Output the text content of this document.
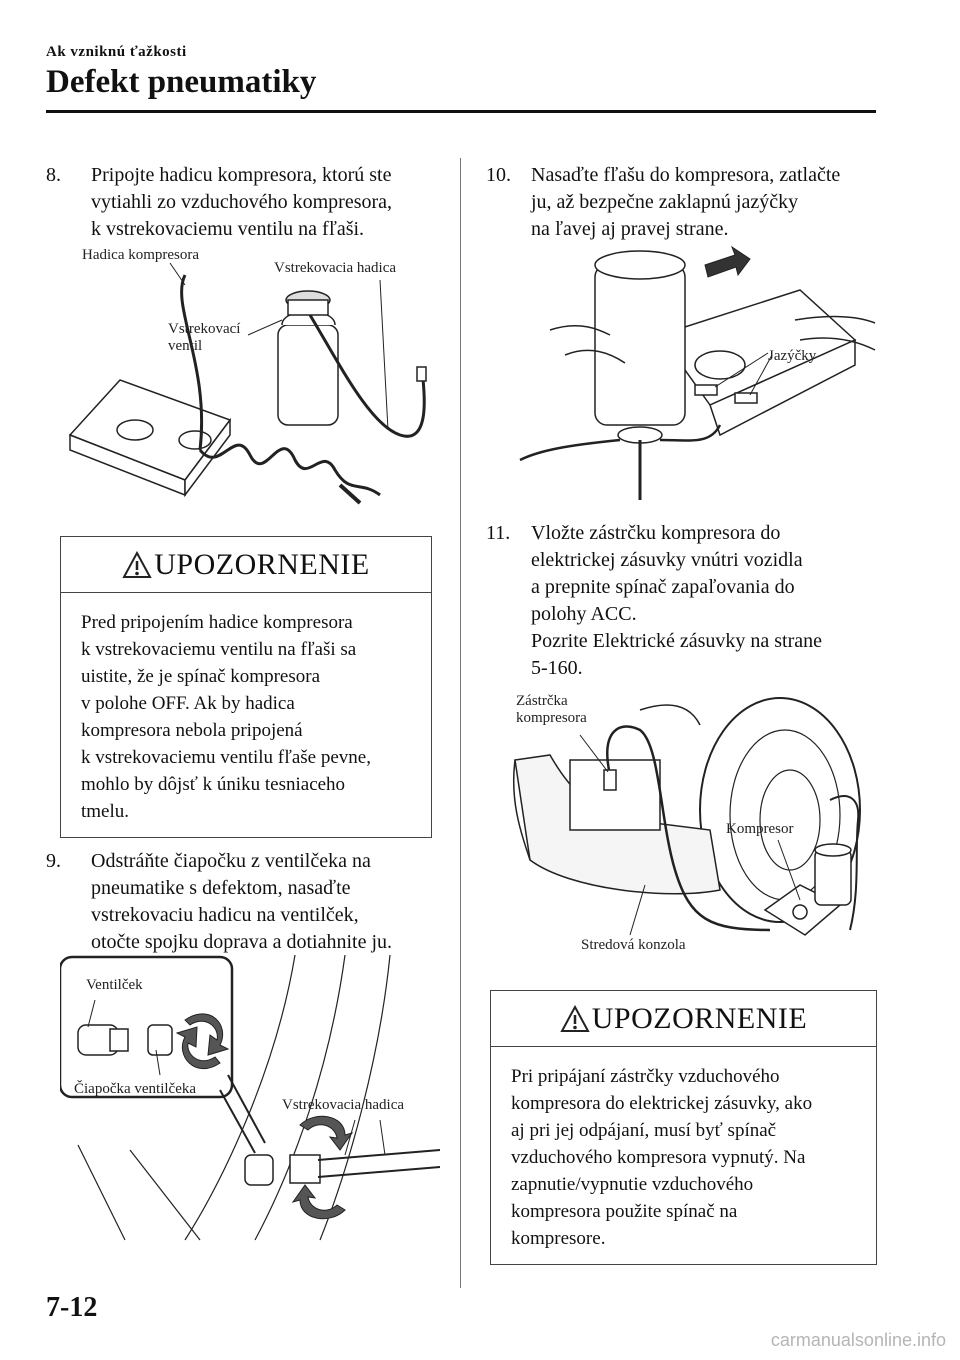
Ak vzniknú ťažkosti
Defekt pneumatiky
8. Pripojte hadicu kompresora, ktorú ste
vytiahli zo vzduchového kompresora,
k vstrekovaciemu ventilu na fľaši.
Hadica kompresora
Vstrekovacia hadica
Vstrekovací
ventil
UPOZORNENIE
Pred pripojením hadice kompresora
k vstrekovaciemu ventilu na fľaši sa
uistite, že je spínač kompresora
v polohe OFF. Ak by hadica
kompresora nebola pripojená
k vstrekovaciemu ventilu fľaše pevne,
mohlo by dôjsť k úniku tesniaceho
tmelu.
9. Odstráňte čiapočku z ventilčeka na
pneumatike s defektom, nasaďte
vstrekovaciu hadicu na ventilček,
otočte spojku doprava a dotiahnite ju.
Ventilček
Čiapočka ventilčeka
Vstrekovacia hadica
10. Nasaďte fľašu do kompresora, zatlačte
ju, až bezpečne zaklapnú jazýčky
na ľavej aj pravej strane.
Jazýčky
11. Vložte zástrčku kompresora do
elektrickej zásuvky vnútri vozidla
a prepnite spínač zapaľovania do
polohy ACC.
Pozrite Elektrické zásuvky na strane
5-160.
Zástrčka
kompresora
Kompresor
Stredová konzola
UPOZORNENIE
Pri pripájaní zástrčky vzduchového
kompresora do elektrickej zásuvky, ako
aj pri jej odpájaní, musí byť spínač
vzduchového kompresora vypnutý. Na
zapnutie/vypnutie vzduchového
kompresora použite spínač na
kompresore.
7-12
carmanualsonline.info
